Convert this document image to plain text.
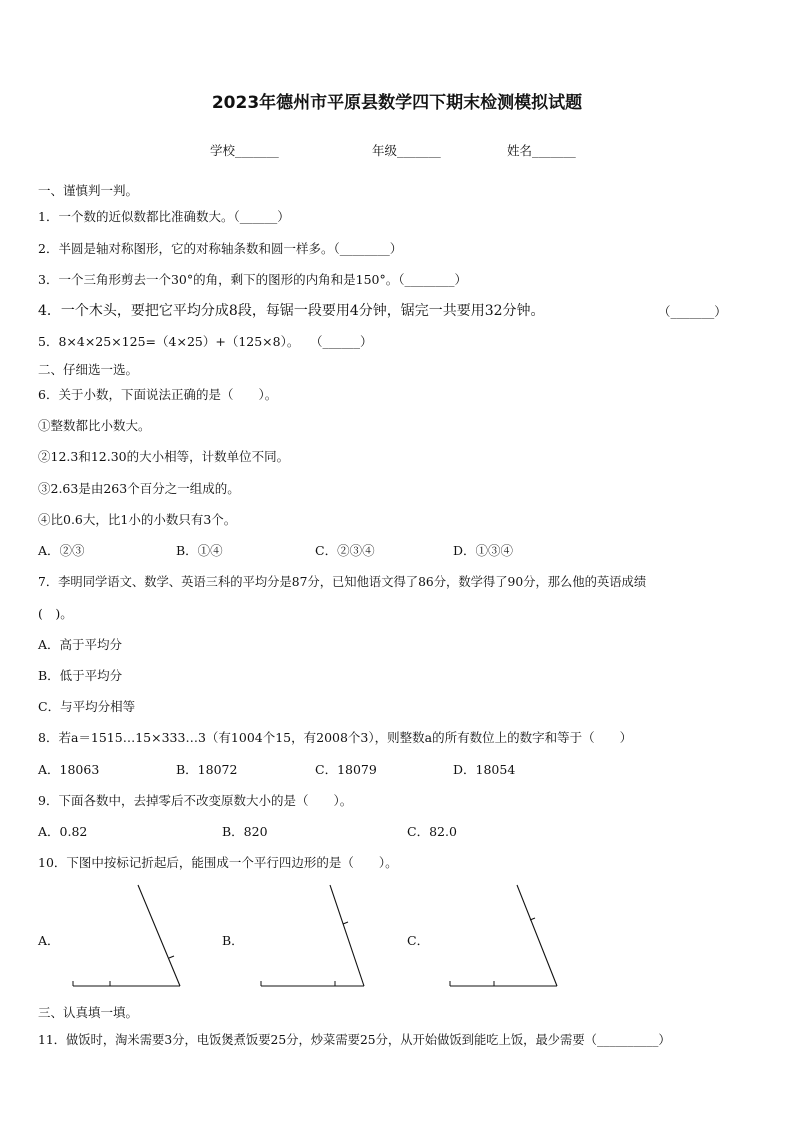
2023年德州市平原县数学四下期末检测模拟试题
学校_______	年级_______	姓名_______
一、谨慎判一判。
1．一个数的近似数都比准确数大。（______）
2．半圆是轴对称图形，它的对称轴条数和圆一样多。（________）
3．一个三角形剪去一个30°的角，剩下的图形的内角和是150°。（________）
4．一个木头，要把它平均分成8段，每锯一段要用4分钟，锯完一共要用32分钟。	（_______）
5．8×4×25×125=（4×25）+（125×8）。 （______）
二、仔细选一选。
6．关于小数，下面说法正确的是（　　）。
①整数都比小数大。
②12.3和12.30的大小相等，计数单位不同。
③2.63是由263个百分之一组成的。
④比0.6大，比1小的小数只有3个。
A．②③	B．①④	C．②③④	D．①③④
7．李明同学语文、数学、英语三科的平均分是87分，已知他语文得了86分，数学得了90分，那么他的英语成绩
(　)。
A．高于平均分
B．低于平均分
C．与平均分相等
8．若a＝1515…15×333…3（有1004个15，有2008个3），则整数a的所有数位上的数字和等于（　　）
A．18063	B．18072	C．18079	D．18054
9．下面各数中，去掉零后不改变原数大小的是（　　）。
A．0.82	B．820	C．82.0
10．下图中按标记折起后，能围成一个平行四边形的是（　　）。
A．	B．	C．
三、认真填一填。
11．做饭时，淘米需要3分，电饭煲煮饭要25分，炒菜需要25分，从开始做饭到能吃上饭，最少需要（__________）
